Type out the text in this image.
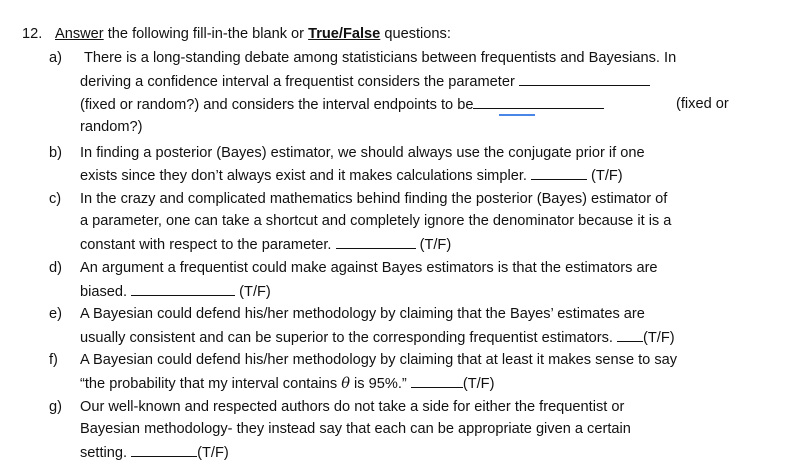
12. Answer the following fill-in-the blank or True/False questions:
a) There is a long-standing debate among statisticians between frequentists and Bayesians. In
deriving a confidence interval a frequentist considers the parameter
(fixed or random?) and considers the interval endpoints to be	(fixed or
random?)
b) In finding a posterior (Bayes) estimator, we should always use the conjugate prior if one
exists since they don’t always exist and it makes calculations simpler.	(T/F)
c) In the crazy and complicated mathematics behind finding the posterior (Bayes) estimator of
a parameter, one can take a shortcut and completely ignore the denominator because it is a
constant with respect to the parameter.	(T/F)
d) An argument a frequentist could make against Bayes estimators is that the estimators are
biased.	(T/F)
e) A Bayesian could defend his/her methodology by claiming that the Bayes’ estimates are
usually consistent and can be superior to the corresponding frequentist estimators. (T/F)
f) A Bayesian could defend his/her methodology by claiming that at least it makes sense to say
“the probability that my interval contains θ is 95%.”	(T/F)
g) Our well-known and respected authors do not take a side for either the frequentist or
Bayesian methodology- they instead say that each can be appropriate given a certain
setting.	(T/F)
